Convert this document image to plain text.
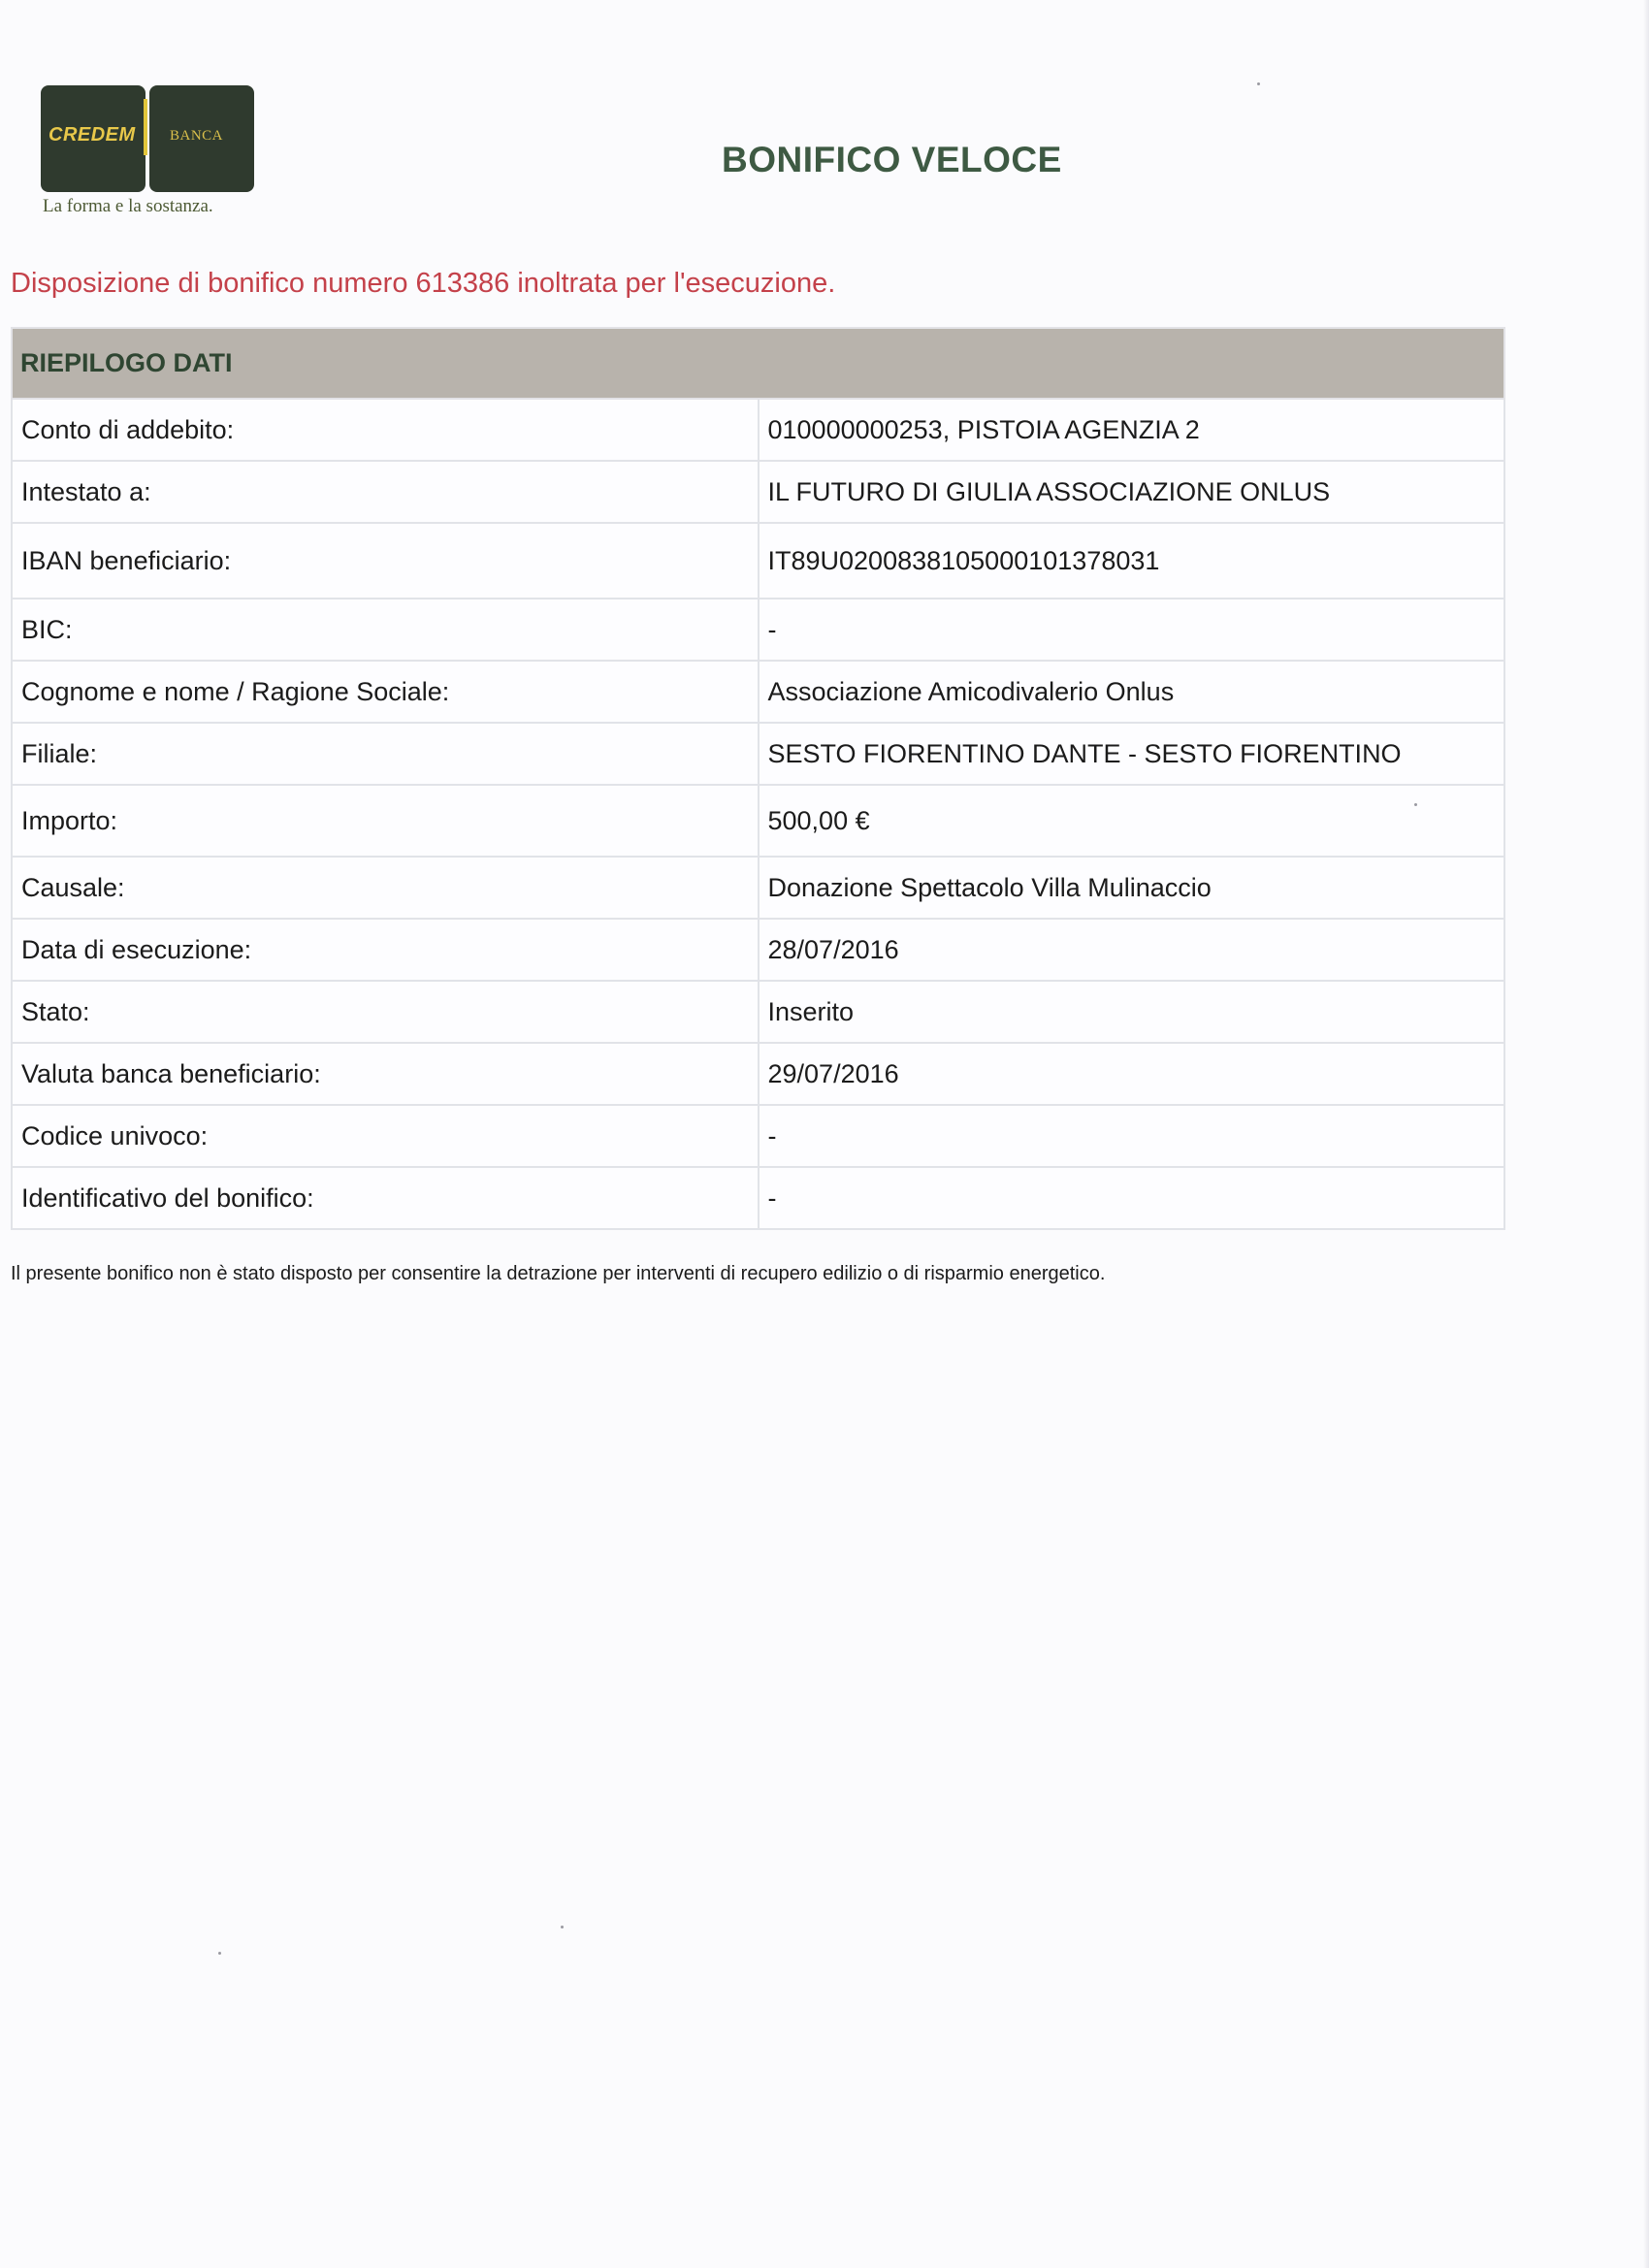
CREDEM BANCA
La forma e la sostanza.
BONIFICO VELOCE
Disposizione di bonifico numero 613386 inoltrata per l'esecuzione.
RIEPILOGO DATI	
Conto di addebito:	010000000253, PISTOIA AGENZIA 2
Intestato a:	IL FUTURO DI GIULIA ASSOCIAZIONE ONLUS
IBAN beneficiario:	IT89U0200838105000101378031
BIC:	-
Cognome e nome / Ragione Sociale:	Associazione Amicodivalerio Onlus
Filiale:	SESTO FIORENTINO DANTE - SESTO FIORENTINO
Importo:	500,00 €
Causale:	Donazione Spettacolo Villa Mulinaccio
Data di esecuzione:	28/07/2016
Stato:	Inserito
Valuta banca beneficiario:	29/07/2016
Codice univoco:	-
Identificativo del bonifico:	-
Il presente bonifico non è stato disposto per consentire la detrazione per interventi di recupero edilizio o di risparmio energetico.
